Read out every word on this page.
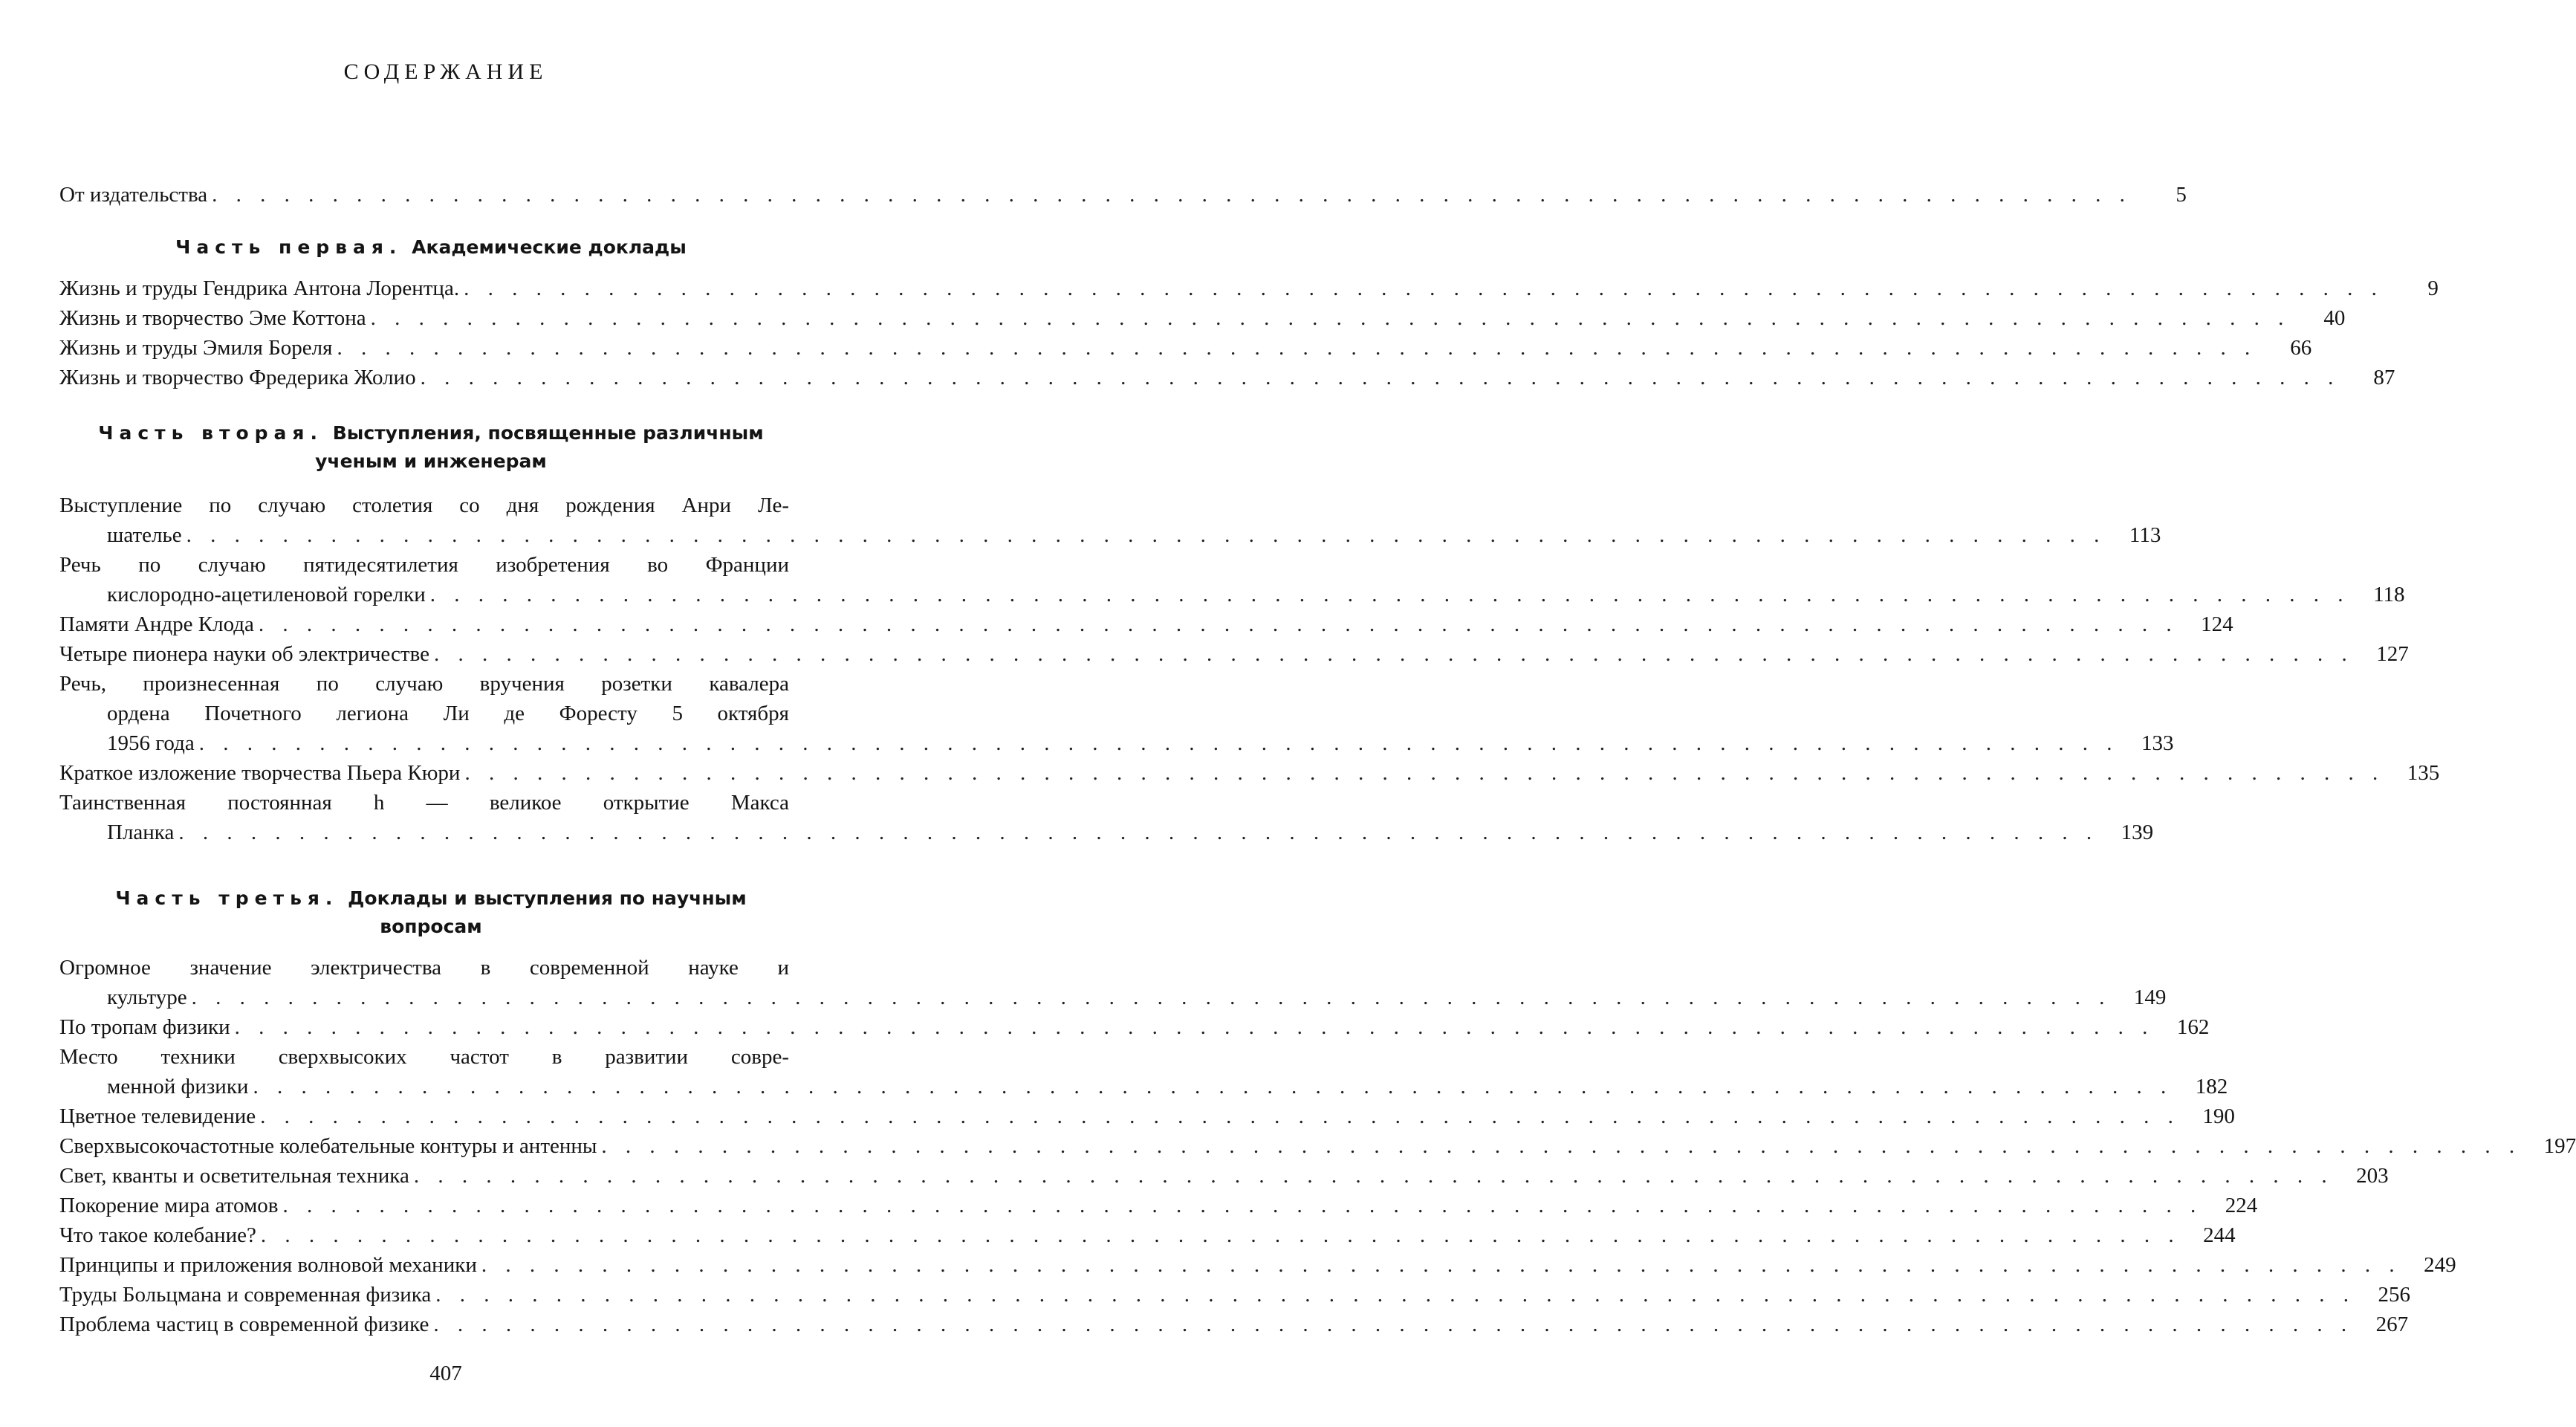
СОДЕРЖАНИЕ
От издательства . . . . . . . . . . . . . . . . . . . . . . . . . . . . . . . . . . . . . . . . . . . . . . . . . . . . . . . . . . . . . . . . . . . . . . . . . . . . . . . .	5
Часть первая. Академические доклады
Жизнь и труды Гендрика Антона Лорентца. . . . . . . . . . . . . . . . . . . . . . . . . . . . . . . . . . . . . . . . . . . . . . . . . . . . . . . . . . . . . . . . . . . . . . . . . . . . . . . . .	9
Жизнь и творчество Эме Коттона . . . . . . . . . . . . . . . . . . . . . . . . . . . . . . . . . . . . . . . . . . . . . . . . . . . . . . . . . . . . . . . . . . . . . . . . . . . . . . . .	40
Жизнь и труды Эмиля Бореля . . . . . . . . . . . . . . . . . . . . . . . . . . . . . . . . . . . . . . . . . . . . . . . . . . . . . . . . . . . . . . . . . . . . . . . . . . . . . . . .	66
Жизнь и творчество Фредерика Жолио . . . . . . . . . . . . . . . . . . . . . . . . . . . . . . . . . . . . . . . . . . . . . . . . . . . . . . . . . . . . . . . . . . . . . . . . . . . . . . . .	87
Часть вторая. Выступления, посвященные различным
ученым и инженерам
Выступление по случаю столетия со дня рождения Анри Ле-
шателье . . . . . . . . . . . . . . . . . . . . . . . . . . . . . . . . . . . . . . . . . . . . . . . . . . . . . . . . . . . . . . . . . . . . . . . . . . . . . . . .	113
Речь по случаю пятидесятилетия изобретения во Франции
кислородно-ацетиленовой горелки . . . . . . . . . . . . . . . . . . . . . . . . . . . . . . . . . . . . . . . . . . . . . . . . . . . . . . . . . . . . . . . . . . . . . . . . . . . . . . . .	118
Памяти Андре Клода . . . . . . . . . . . . . . . . . . . . . . . . . . . . . . . . . . . . . . . . . . . . . . . . . . . . . . . . . . . . . . . . . . . . . . . . . . . . . . . .	124
Четыре пионера науки об электричестве . . . . . . . . . . . . . . . . . . . . . . . . . . . . . . . . . . . . . . . . . . . . . . . . . . . . . . . . . . . . . . . . . . . . . . . . . . . . . . . .	127
Речь, произнесенная по случаю вручения розетки кавалера
ордена Почетного легиона Ли де Форесту 5 октября
1956 года . . . . . . . . . . . . . . . . . . . . . . . . . . . . . . . . . . . . . . . . . . . . . . . . . . . . . . . . . . . . . . . . . . . . . . . . . . . . . . . .	133
Краткое изложение творчества Пьера Кюри . . . . . . . . . . . . . . . . . . . . . . . . . . . . . . . . . . . . . . . . . . . . . . . . . . . . . . . . . . . . . . . . . . . . . . . . . . . . . . . .	135
Таинственная постоянная h — великое открытие Макса
Планка . . . . . . . . . . . . . . . . . . . . . . . . . . . . . . . . . . . . . . . . . . . . . . . . . . . . . . . . . . . . . . . . . . . . . . . . . . . . . . . .	139
Часть третья. Доклады и выступления по научным
вопросам
Огромное значение электричества в современной науке и
культуре . . . . . . . . . . . . . . . . . . . . . . . . . . . . . . . . . . . . . . . . . . . . . . . . . . . . . . . . . . . . . . . . . . . . . . . . . . . . . . . .	149
По тропам физики . . . . . . . . . . . . . . . . . . . . . . . . . . . . . . . . . . . . . . . . . . . . . . . . . . . . . . . . . . . . . . . . . . . . . . . . . . . . . . . .	162
Место техники сверхвысоких частот в развитии совре-
менной физики . . . . . . . . . . . . . . . . . . . . . . . . . . . . . . . . . . . . . . . . . . . . . . . . . . . . . . . . . . . . . . . . . . . . . . . . . . . . . . . .	182
Цветное телевидение . . . . . . . . . . . . . . . . . . . . . . . . . . . . . . . . . . . . . . . . . . . . . . . . . . . . . . . . . . . . . . . . . . . . . . . . . . . . . . . .	190
Сверхвысокочастотные колебательные контуры и антенны . . . . . . . . . . . . . . . . . . . . . . . . . . . . . . . . . . . . . . . . . . . . . . . . . . . . . . . . . . . . . . . . . . . . . . . . . . . . . . . .	197
Свет, кванты и осветительная техника . . . . . . . . . . . . . . . . . . . . . . . . . . . . . . . . . . . . . . . . . . . . . . . . . . . . . . . . . . . . . . . . . . . . . . . . . . . . . . . .	203
Покорение мира атомов . . . . . . . . . . . . . . . . . . . . . . . . . . . . . . . . . . . . . . . . . . . . . . . . . . . . . . . . . . . . . . . . . . . . . . . . . . . . . . . .	224
Что такое колебание? . . . . . . . . . . . . . . . . . . . . . . . . . . . . . . . . . . . . . . . . . . . . . . . . . . . . . . . . . . . . . . . . . . . . . . . . . . . . . . . .	244
Принципы и приложения волновой механики . . . . . . . . . . . . . . . . . . . . . . . . . . . . . . . . . . . . . . . . . . . . . . . . . . . . . . . . . . . . . . . . . . . . . . . . . . . . . . . .	249
Труды Больцмана и современная физика . . . . . . . . . . . . . . . . . . . . . . . . . . . . . . . . . . . . . . . . . . . . . . . . . . . . . . . . . . . . . . . . . . . . . . . . . . . . . . . .	256
Проблема частиц в современной физике . . . . . . . . . . . . . . . . . . . . . . . . . . . . . . . . . . . . . . . . . . . . . . . . . . . . . . . . . . . . . . . . . . . . . . . . . . . . . . . .	267
407
